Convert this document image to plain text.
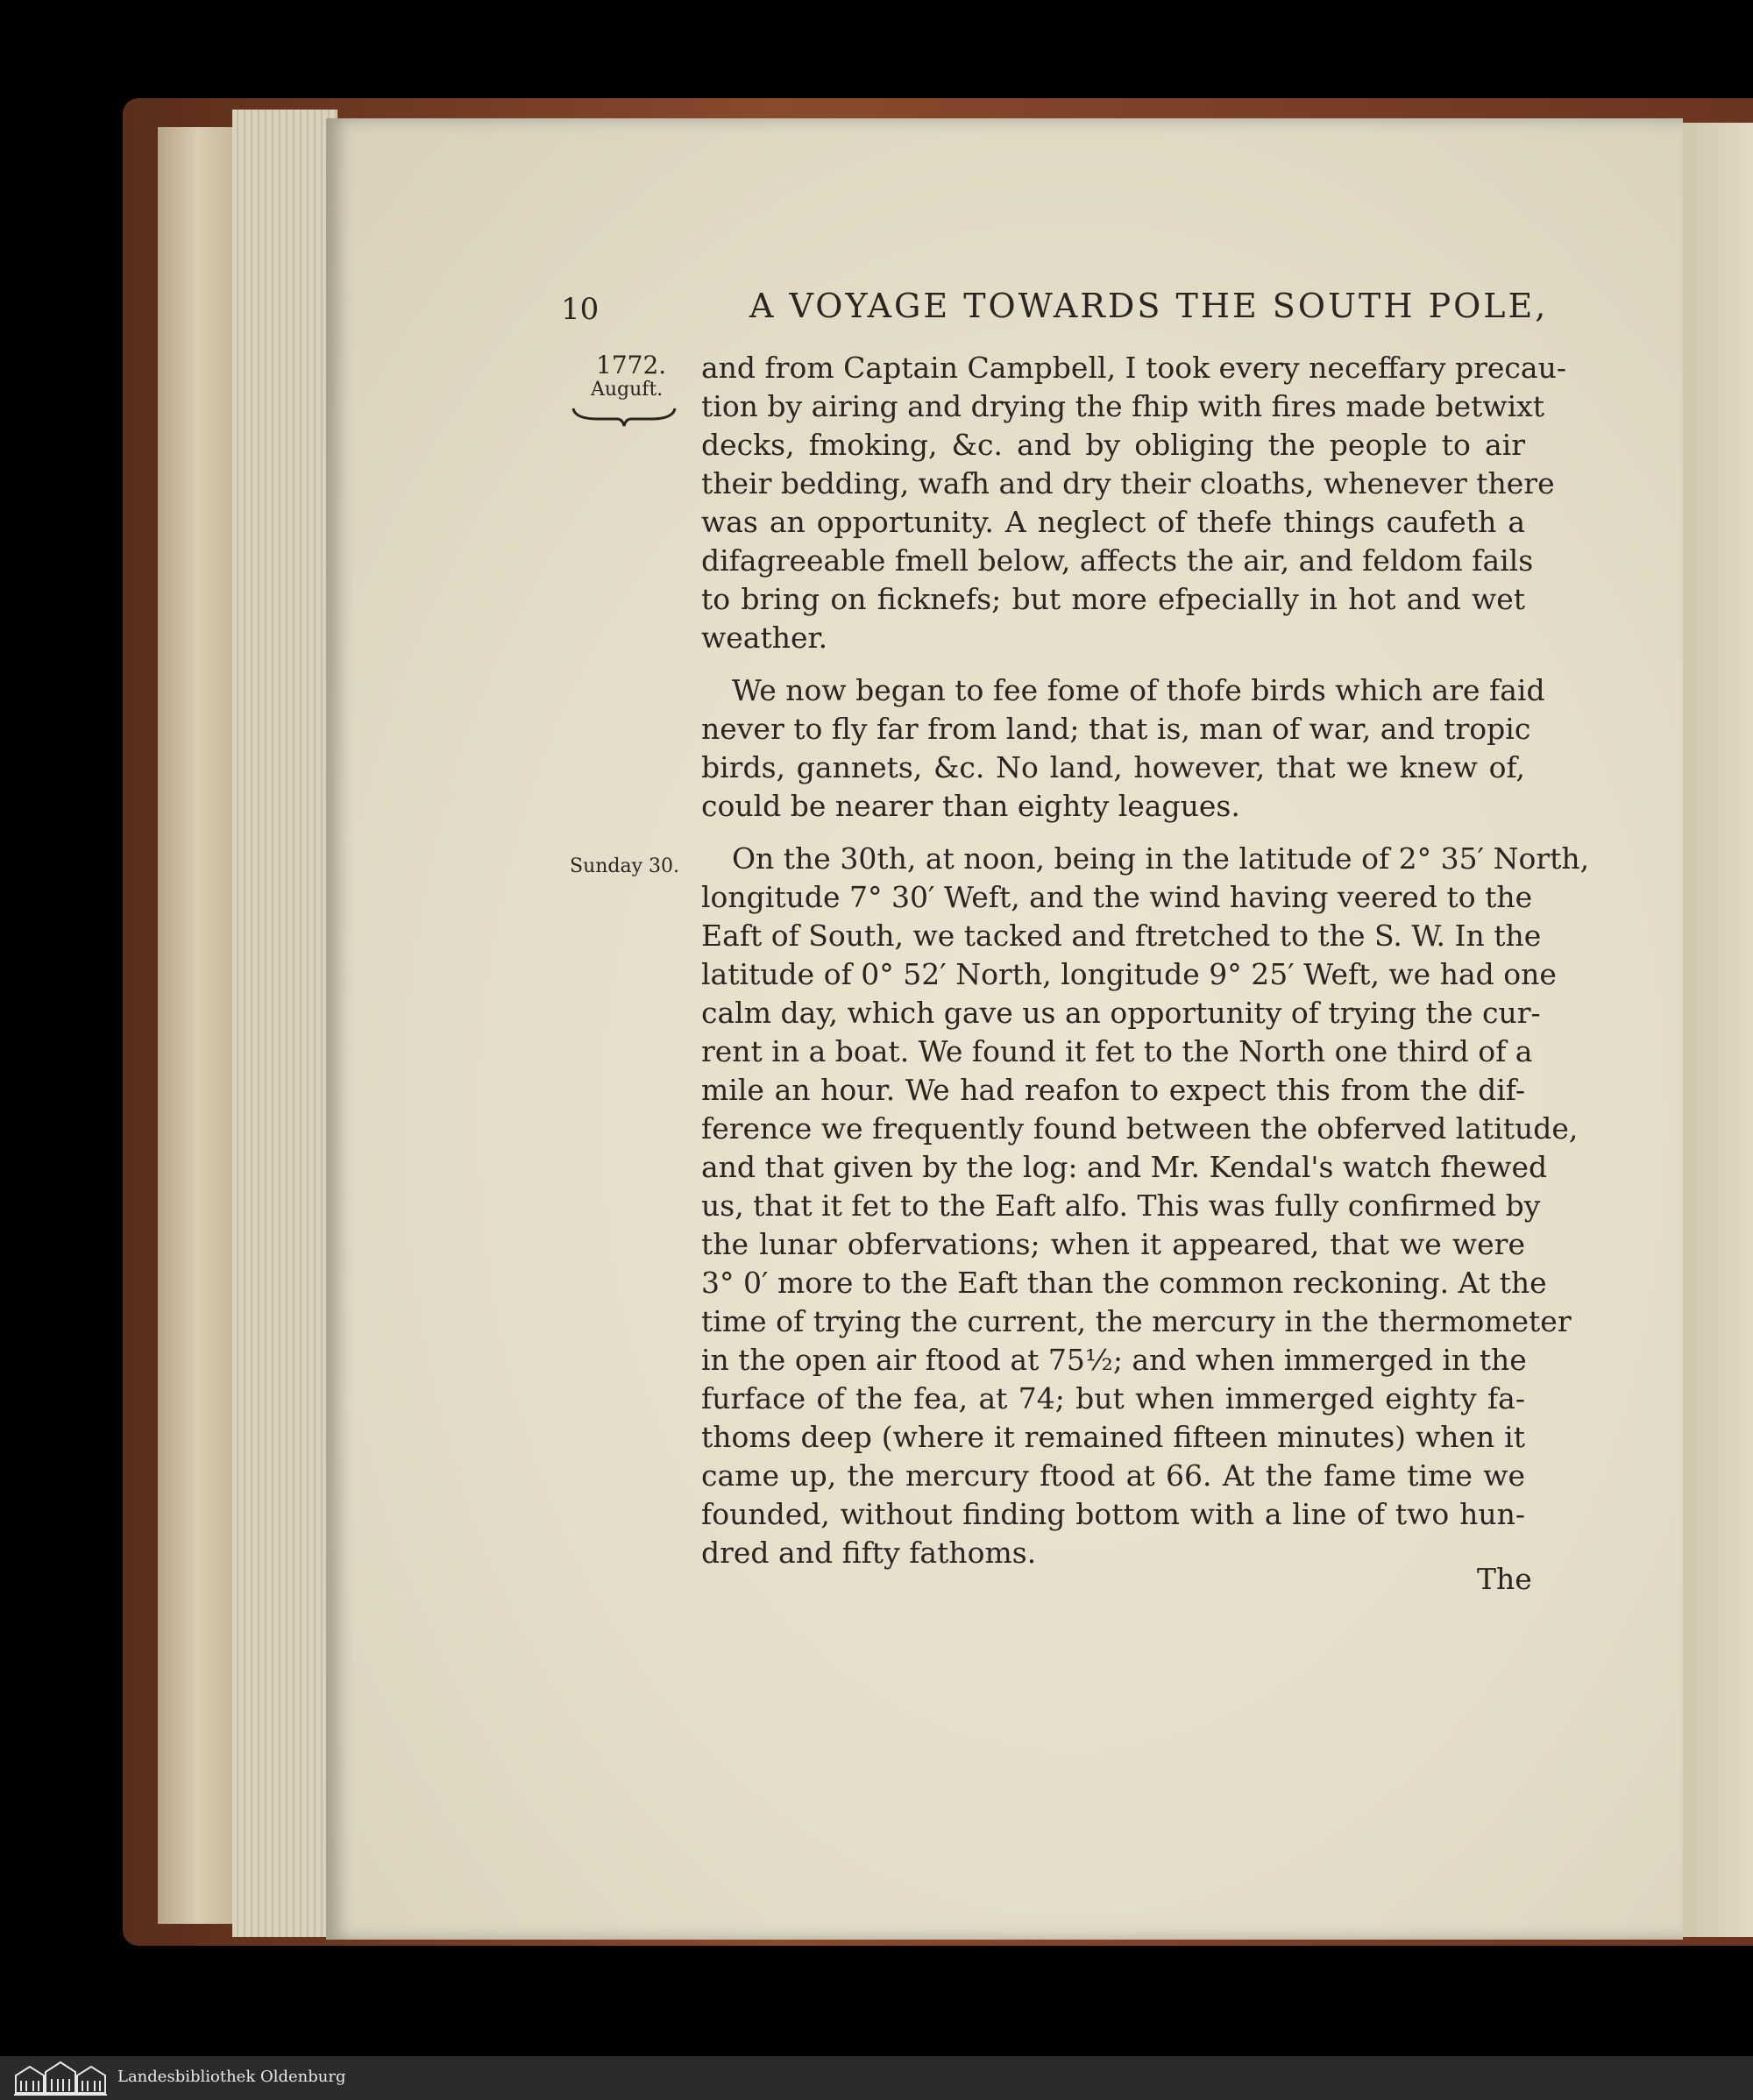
10	A VOYAGE TOWARDS THE SOUTH POLE,
1772.
Auguft.
Sunday 30.
and from Captain Campbell, I took every neceffary precau-
tion by airing and drying the fhip with fires made betwixt
decks, fmoking, &c. and by obliging the people to air
their bedding, wafh and dry their cloaths, whenever there
was an opportunity. A neglect of thefe things caufeth a
difagreeable fmell below, affects the air, and feldom fails
to bring on ficknefs; but more efpecially in hot and wet
weather.
We now began to fee fome of thofe birds which are faid
never to fly far from land; that is, man of war, and tropic
birds, gannets, &c. No land, however, that we knew of,
could be nearer than eighty leagues.
On the 30th, at noon, being in the latitude of 2° 35′ North,
longitude 7° 30′ Weft, and the wind having veered to the
Eaft of South, we tacked and ftretched to the S. W. In the
latitude of 0° 52′ North, longitude 9° 25′ Weft, we had one
calm day, which gave us an opportunity of trying the cur-
rent in a boat. We found it fet to the North one third of a
mile an hour. We had reafon to expect this from the dif-
ference we frequently found between the obferved latitude,
and that given by the log: and Mr. Kendal's watch fhewed
us, that it fet to the Eaft alfo. This was fully confirmed by
the lunar obfervations; when it appeared, that we were
3° 0′ more to the Eaft than the common reckoning. At the
time of trying the current, the mercury in the thermometer
in the open air ftood at 75½; and when immerged in the
furface of the fea, at 74; but when immerged eighty fa-
thoms deep (where it remained fifteen minutes) when it
came up, the mercury ftood at 66. At the fame time we
founded, without finding bottom with a line of two hun-
dred and fifty fathoms.
The
Landesbibliothek Oldenburg
